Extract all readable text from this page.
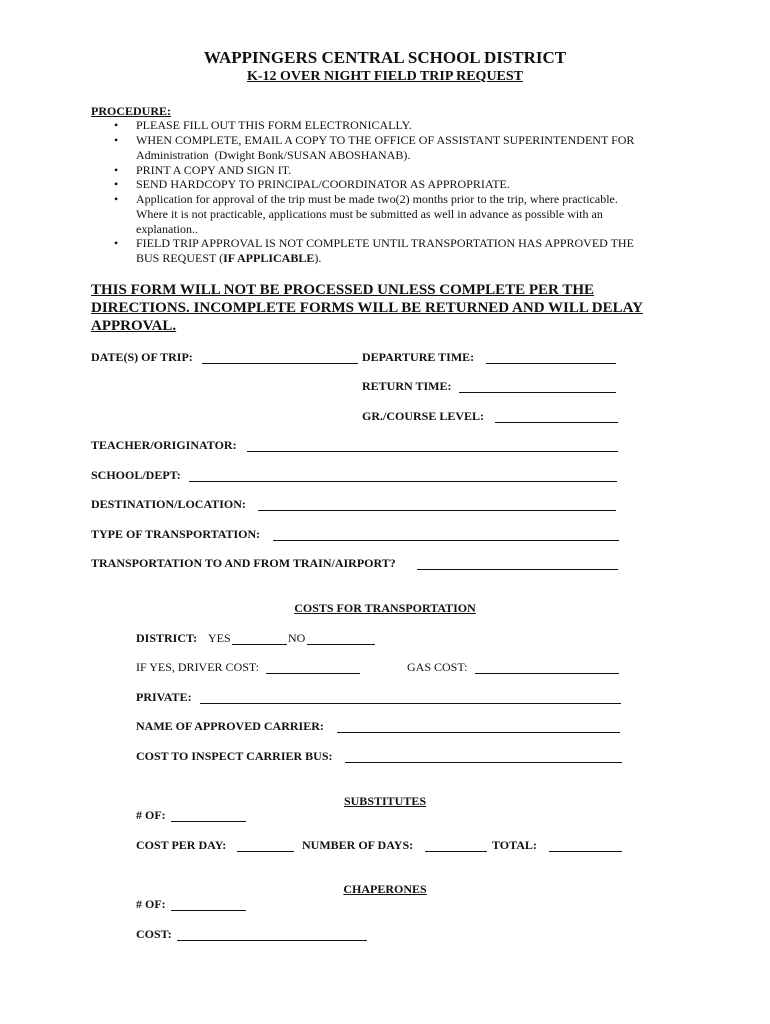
WAPPINGERS CENTRAL SCHOOL DISTRICT
K-12 OVER NIGHT FIELD TRIP REQUEST
PROCEDURE:
• PLEASE FILL OUT THIS FORM ELECTRONICALLY.
• WHEN COMPLETE, EMAIL A COPY TO THE OFFICE OF ASSISTANT SUPERINTENDENT FOR
Administration  (Dwight Bonk/SUSAN ABOSHANAB).
• PRINT A COPY AND SIGN IT.
• SEND HARDCOPY TO PRINCIPAL/COORDINATOR AS APPROPRIATE.
• Application for approval of the trip must be made two(2) months prior to the trip, where practicable.
Where it is not practicable, applications must be submitted as well in advance as possible with an
explanation..
• FIELD TRIP APPROVAL IS NOT COMPLETE UNTIL TRANSPORTATION HAS APPROVED THE
BUS REQUEST (IF APPLICABLE).
THIS FORM WILL NOT BE PROCESSED UNLESS COMPLETE PER THE
DIRECTIONS. INCOMPLETE FORMS WILL BE RETURNED AND WILL DELAY
APPROVAL.
DATE(S) OF TRIP:	DEPARTURE TIME:
RETURN TIME:
GR./COURSE LEVEL:
TEACHER/ORIGINATOR:
SCHOOL/DEPT:
DESTINATION/LOCATION:
TYPE OF TRANSPORTATION:
TRANSPORTATION TO AND FROM TRAIN/AIRPORT?
COSTS FOR TRANSPORTATION
DISTRICT: YES	NO
IF YES, DRIVER COST:	GAS COST:
PRIVATE:
NAME OF APPROVED CARRIER:
COST TO INSPECT CARRIER BUS:
SUBSTITUTES
# OF:
COST PER DAY:	NUMBER OF DAYS:	TOTAL:
CHAPERONES
# OF:
COST:
